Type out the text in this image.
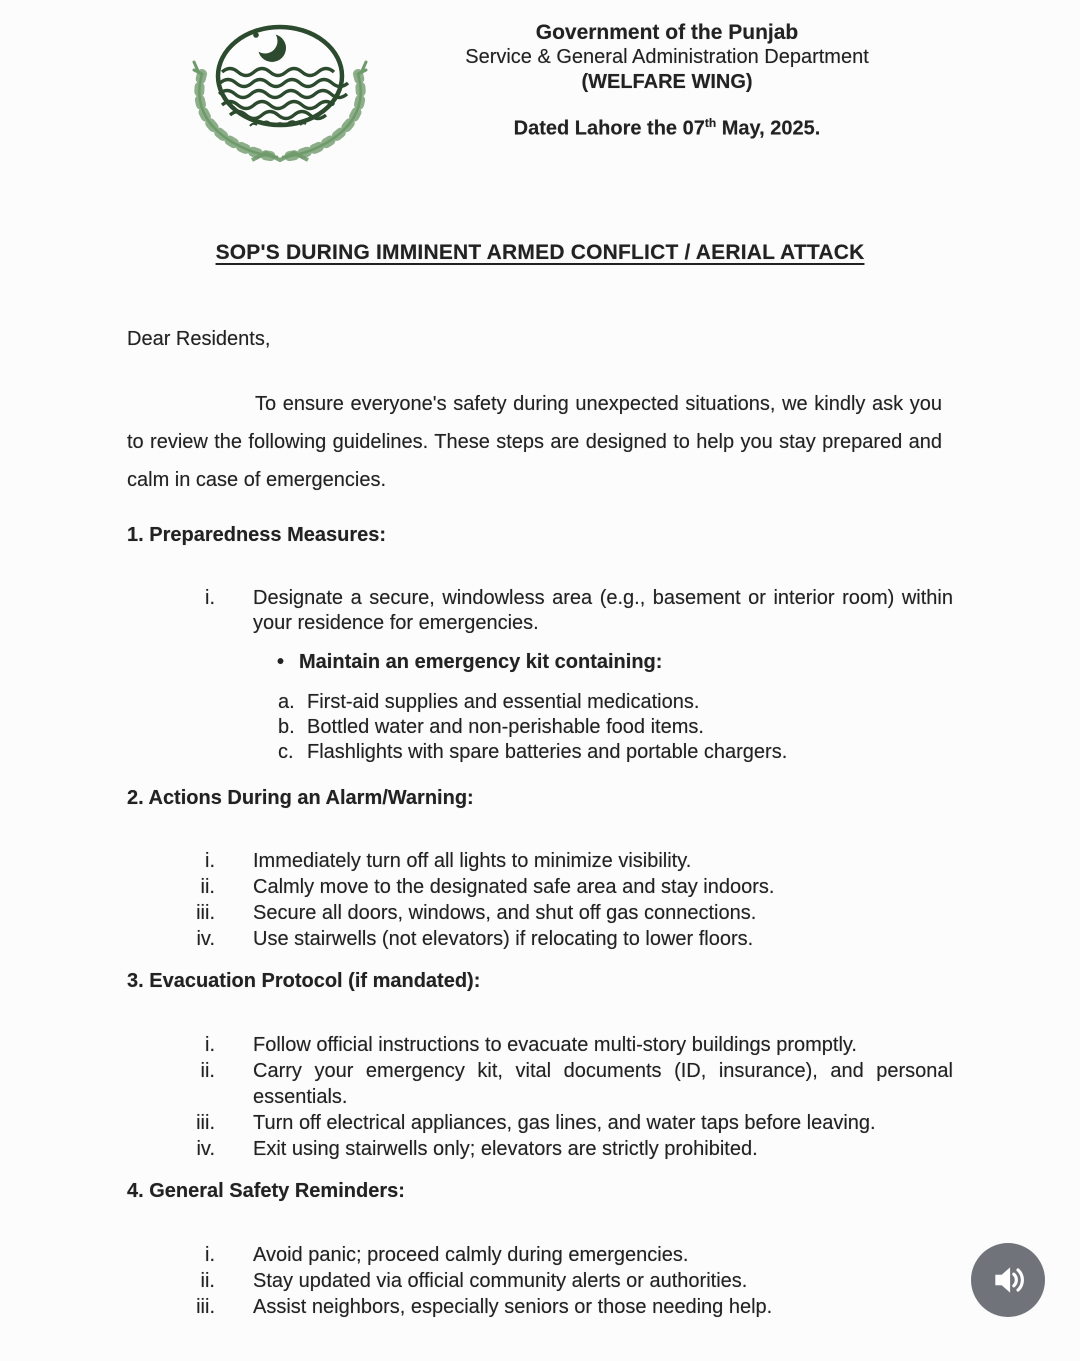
Government of the Punjab
Service & General Administration Department
(WELFARE WING)
Dated Lahore the 07th May, 2025.
SOP'S DURING IMMINENT ARMED CONFLICT / AERIAL ATTACK
Dear Residents,
To ensure everyone's safety during unexpected situations, we kindly ask you to review the following guidelines. These steps are designed to help you stay prepared and calm in case of emergencies.
1. Preparedness Measures:
i. Designate a secure, windowless area (e.g., basement or interior room) within your residence for emergencies.
• Maintain an emergency kit containing:
a. First-aid supplies and essential medications.
b. Bottled water and non-perishable food items.
c. Flashlights with spare batteries and portable chargers.
2. Actions During an Alarm/Warning:
i. Immediately turn off all lights to minimize visibility.
ii. Calmly move to the designated safe area and stay indoors.
iii. Secure all doors, windows, and shut off gas connections.
iv. Use stairwells (not elevators) if relocating to lower floors.
3. Evacuation Protocol (if mandated):
i. Follow official instructions to evacuate multi-story buildings promptly.
ii. Carry your emergency kit, vital documents (ID, insurance), and personal essentials.
iii. Turn off electrical appliances, gas lines, and water taps before leaving.
iv. Exit using stairwells only; elevators are strictly prohibited.
4. General Safety Reminders:
i. Avoid panic; proceed calmly during emergencies.
ii. Stay updated via official community alerts or authorities.
iii. Assist neighbors, especially seniors or those needing help.
